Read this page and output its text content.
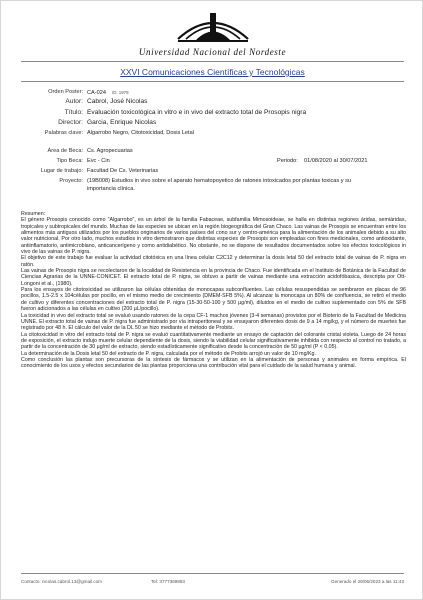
Universidad Nacional del Nordeste
XXVI Comunicaciones Científicas y Tecnológicas
Orden Poster: CA-024 ID: 1978
Autor: Cabrol, José Nicolas
Título: Evaluación toxicológica in vitro e in vivo del extracto total de Prosopis nigra
Director: Garcia, Enrique Nicolas
Palabras clave: Algarrobo Negro, Citotoxicidad, Dosis Letal
Área de Beca: Cs. Agropecuarias
Tipo Beca: Evc - Cin	Periodo: 01/08/2020 al 30/07/2021
Lugar de trabajo: Facultad De Cs. Veterinarias
Proyecto: (19B008) Estudios in vivo sobre el aparato hematopoyetico de ratones intoxicados por plantas toxicas y su
importancia clínica.

Resumen:

El género Prosopis conocido como "Algarrobo", es un árbol de la familia Fabaceae, subfamilia Mimosoideae, se halla en distintas regiones áridas, semiáridas, tropicales y subtropicales del mundo. Muchas de las especies se ubican en la región biogeográfica del Gran Chaco. Las vainas de Prosopis se encuentran entre los alimentos más antiguos utilizados por los pueblos originarios de varios países del cono sur y centro-américa para la alimentación de los animales debido a su alto valor nutricional. Por otro lado, muchos estudios in vitro demostraron que distintas especies de Prosopis son empleadas con fines medicinales, como antioxidante, antiinflamatorio, antimicrobiano, anticancerígeno y como antidiabético. No obstante, no se dispone de resultados documentados sobre los efectos toxicológicos in vivo de las vainas de P. nigra.

El objetivo de este trabajo fue evaluar la actividad citotóxica en una línea celular C2C12 y determinar la dosis letal 50 del extracto total de vainas de P. nigra en ratón.

Las vainas de Prosopis nigra se recolectaron de la localidad de Resistencia en la provincia de Chaco. Fue identificada en el Instituto de Botánica de la Facultad de Ciencias Agrarias de la UNNE-CONICET. El extracto total de P. nigra, se obtuvo a partir de vainas mediante una extracción acidofóbasica, descripta por Ott-Longoni et al., (1980).

Para los ensayos de citotoxicidad se utilizaron las células obtenidas de monocapas subconfluentes. Las células resuspendidas se sembraron en placas de 96 pocillos, 1.5-2.5 x 104células por pocillo, en el mismo medio de crecimiento (DMEM-SFB 5%). Al alcanzar la monocapa un 80% de confluencia, se retiró el medio de cultivo y diferentes concentraciones del extracto total de P. nigra (15-30-50-100 y 500 µg/ml), diluidos en el medio de cultivo suplementado con 5% de SFB fueron adicionados a las células en cultivo (200 µL/pocillo).

La toxicidad in vivo del extracto total se evaluó usando ratones de la cepa CF-1 machos jóvenes (3-4 semanas) provistos por el Bioterio de la Facultad de Medicina UNNE. El extracto total de vainas de P. nigra fue administrado por vía intraperitoneal y se ensayaron diferentes dosis de 9 a 14 mg/kg, y el número de muertes fue registrado por 48 h. El cálculo del valor de la DL 50 se hizo mediante el método de Probits.

La citotoxicidad in vitro del extracto total de P. nigra se evaluó cuantitativamente mediante un ensayo de captación del colorante cristal violeta. Luego de 24 horas de exposición, el extracto indujo muerte celular dependiente de la dosis, siendo la viabilidad celular significativamente inhibida con respecto al control no tratado, a partir de la concentración de 30 µg/ml de extracto, siendo estadísticamente significativo desde la concentración de 50 µg/ml (P < 0,05).

La determinación de la Dosis letal 50 del extracto de P. nigra, calculada por el método de Probits arrojó un valor de 10 mg/Kg.

Como conclusión las plantas son precursoras de la síntesis de fármacos y se utilizan en la alimentación de personas y animales en forma empírica. El conocimiento de los usos y efectos secundarios de las plantas proporciona una contribución vital para el cuidado de la salud humana y animal.

Contacto: nicolas.cabrol.13@gmail.com	Tel: 3777369883	Generado el 29/06/2023 a las 11:43
